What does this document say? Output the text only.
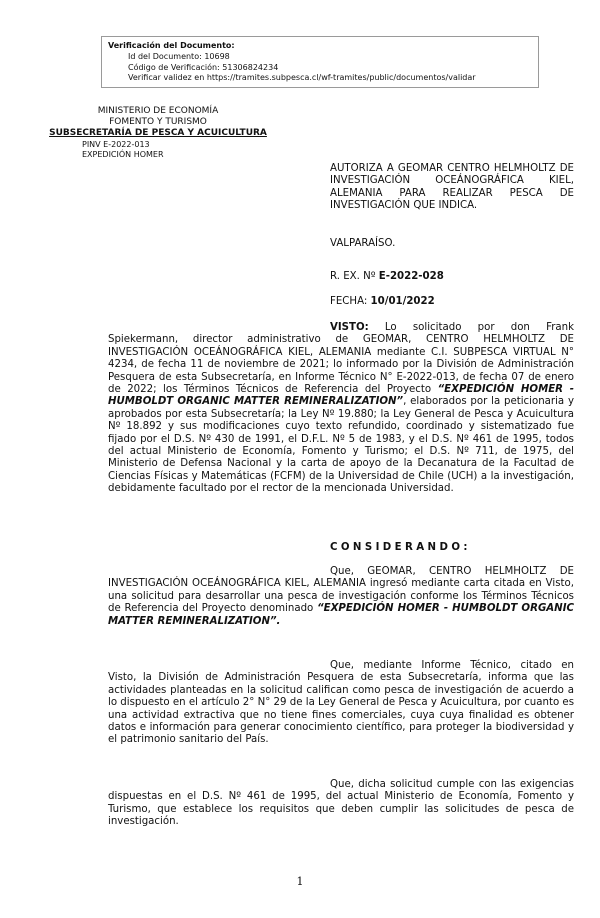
Verificación del Documento:
• Id del Documento: 10698
• Código de Verificación: 51306824234
• Verificar validez en https://tramites.subpesca.cl/wf-tramites/public/documentos/validar
MINISTERIO DE ECONOMÍA
FOMENTO Y TURISMO
SUBSECRETARÍA DE PESCA Y ACUICULTURA
PINV E-2022-013
EXPEDICIÓN HOMER
AUTORIZA A GEOMAR CENTRO HELMHOLTZ DE INVESTIGACIÓN OCEÁNOGRÁFICA KIEL, ALEMANIA PARA REALIZAR PESCA DE INVESTIGACIÓN QUE INDICA.
VALPARAÍSO.
R. EX. Nº E-2022-028
FECHA: 10/01/2022
VISTO: Lo solicitado por don Frank Spiekermann, director administrativo de GEOMAR, CENTRO HELMHOLTZ DE INVESTIGACIÓN OCEÁNOGRÁFICA KIEL, ALEMANIA mediante C.I. SUBPESCA VIRTUAL N° 4234, de fecha 11 de noviembre de 2021; lo informado por la División de Administración Pesquera de esta Subsecretaría, en Informe Técnico N° E-2022-013, de fecha 07 de enero de 2022; los Términos Técnicos de Referencia del Proyecto “EXPEDICIÓN HOMER - HUMBOLDT ORGANIC MATTER REMINERALIZATION”, elaborados por la peticionaria y aprobados por esta Subsecretaría; la Ley Nº 19.880; la Ley General de Pesca y Acuicultura Nº 18.892 y sus modificaciones cuyo texto refundido, coordinado y sistematizado fue fijado por el D.S. Nº 430 de 1991, el D.F.L. Nº 5 de 1983, y el D.S. Nº 461 de 1995, todos del actual Ministerio de Economía, Fomento y Turismo; el D.S. Nº 711, de 1975, del Ministerio de Defensa Nacional y la carta de apoyo de la Decanatura de la Facultad de Ciencias Físicas y Matemáticas (FCFM) de la Universidad de Chile (UCH) a la investigación, debidamente facultado por el rector de la mencionada Universidad.
CONSIDERANDO:
Que, GEOMAR, CENTRO HELMHOLTZ DE INVESTIGACIÓN OCEÁNOGRÁFICA KIEL, ALEMANIA ingresó mediante carta citada en Visto, una solicitud para desarrollar una pesca de investigación conforme los Términos Técnicos de Referencia del Proyecto denominado “EXPEDICIÓN HOMER - HUMBOLDT ORGANIC MATTER REMINERALIZATION”.
Que, mediante Informe Técnico, citado en Visto, la División de Administración Pesquera de esta Subsecretaría, informa que las actividades planteadas en la solicitud califican como pesca de investigación de acuerdo a lo dispuesto en el artículo 2° N° 29 de la Ley General de Pesca y Acuicultura, por cuanto es una actividad extractiva que no tiene fines comerciales, cuya cuya finalidad es obtener datos e información para generar conocimiento científico, para proteger la biodiversidad y el patrimonio sanitario del País.
Que, dicha solicitud cumple con las exigencias dispuestas en el D.S. Nº 461 de 1995, del actual Ministerio de Economía, Fomento y Turismo, que establece los requisitos que deben cumplir las solicitudes de pesca de investigación.
1
